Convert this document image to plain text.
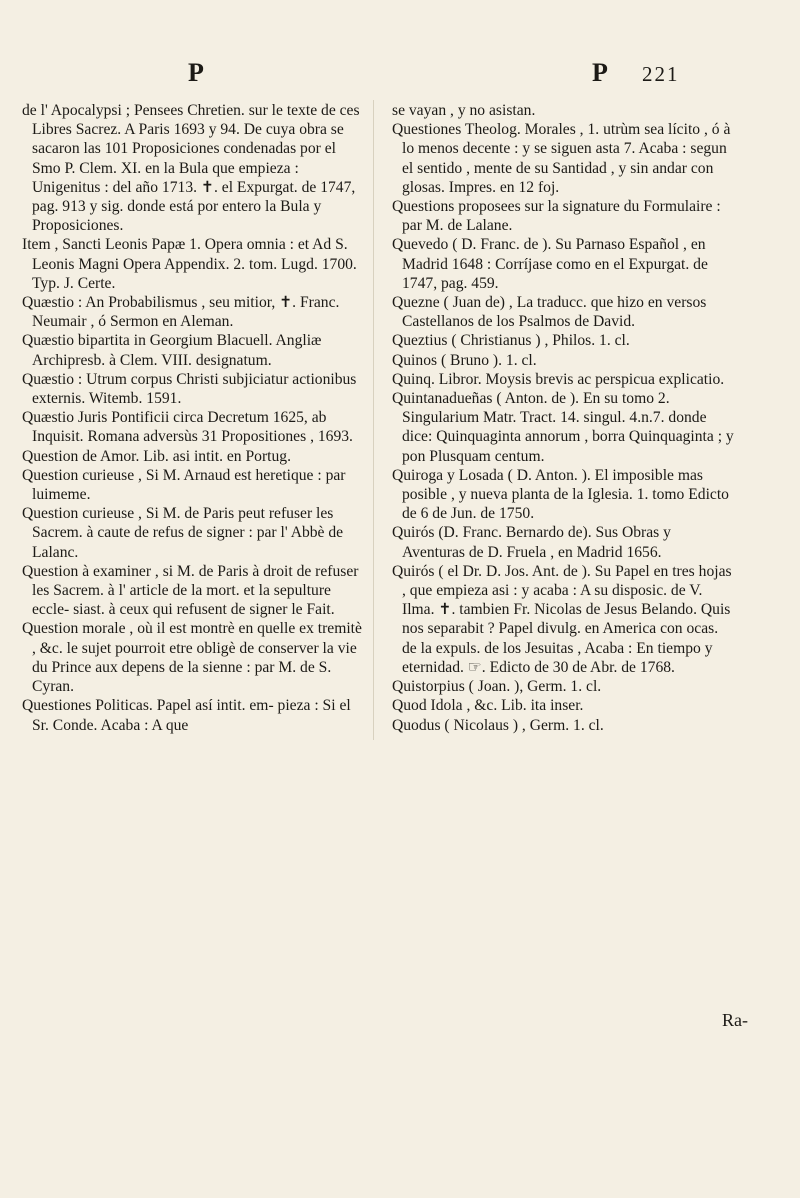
P	P 221
de l' Apocalypsi ; Pensees Chretien. sur le texte de ces Libres Sacrez. A Paris 1693 y 94. De cuya obra se sacaron las 101 Proposiciones condenadas por el Smo P. Clem. XI. en la Bula que empieza : Unigenitus : del año 1713. ✝. el Expurgat. de 1747, pag. 913 y sig. donde está por entero la Bula y Proposiciones.
Item , Sancti Leonis Papæ 1. Opera omnia : et Ad S. Leonis Magni Opera Appendix. 2. tom. Lugd. 1700. Typ. J. Certe.
Quæstio : An Probabilismus , seu mitior, ✝. Franc. Neumair , ó Sermon en Aleman.
Quæstio bipartita in Georgium Blacuell. Angliæ Archipresb. à Clem. VIII. designatum.
Quæstio : Utrum corpus Christi subjiciatur actionibus externis. Witemb. 1591.
Quæstio Juris Pontificii circa Decretum 1625, ab Inquisit. Romana adversùs 31 Propositiones , 1693.
Question de Amor. Lib. asi intit. en Portug.
Question curieuse , Si M. Arnaud est heretique : par luimeme.
Question curieuse , Si M. de Paris peut refuser les Sacrem. à caute de refus de signer : par l' Abbè de Lalanc.
Question à examiner , si M. de Paris à droit de refuser les Sacrem. à l' article de la mort. et la sepulture eccle- siast. à ceux qui refusent de signer le Fait.
Question morale , où il est montrè en quelle ex tremitè , &c. le sujet pourroit etre obligè de conserver la vie du Prince aux depens de la sienne : par M. de S. Cyran.
Questiones Politicas. Papel así intit. em- pieza : Si el Sr. Conde. Acaba : A que
se vayan , y no asistan.
Questiones Theolog. Morales , 1. utrùm sea lícito , ó à lo menos decente : y se siguen asta 7. Acaba : segun el sentido , mente de su Santidad , y sin andar con glosas. Impres. en 12 foj.
Questions proposees sur la signature du Formulaire : par M. de Lalane.
Quevedo ( D. Franc. de ). Su Parnaso Español , en Madrid 1648 : Corríjase como en el Expurgat. de 1747, pag. 459.
Quezne ( Juan de) , La traducc. que hizo en versos Castellanos de los Psalmos de David.
Queztius ( Christianus ) , Philos. 1. cl.
Quinos ( Bruno ). 1. cl.
Quinq. Libror. Moysis brevis ac perspicua explicatio.
Quintanadueñas ( Anton. de ). En su tomo 2. Singularium Matr. Tract. 14. singul. 4.n.7. donde dice: Quinquaginta annorum , borra Quinquaginta ; y pon Plusquam centum.
Quiroga y Losada ( D. Anton. ). El imposible mas posible , y nueva planta de la Iglesia. 1. tomo Edicto de 6 de Jun. de 1750.
Quirós (D. Franc. Bernardo de). Sus Obras y Aventuras de D. Fruela , en Madrid 1656.
Quirós ( el Dr. D. Jos. Ant. de ). Su Papel en tres hojas , que empieza asi : y acaba : A su disposic. de V. Ilma. ✝. tambien Fr. Nicolas de Jesus Belando. Quis nos separabit ? Papel divulg. en America con ocas. de la expuls. de los Jesuitas , Acaba : En tiempo y eternidad. ☞. Edicto de 30 de Abr. de 1768.
Quistorpius ( Joan. ), Germ. 1. cl.
Quod Idola , &c. Lib. ita inser.
Quodus ( Nicolaus ) , Germ. 1. cl.
Ra-
